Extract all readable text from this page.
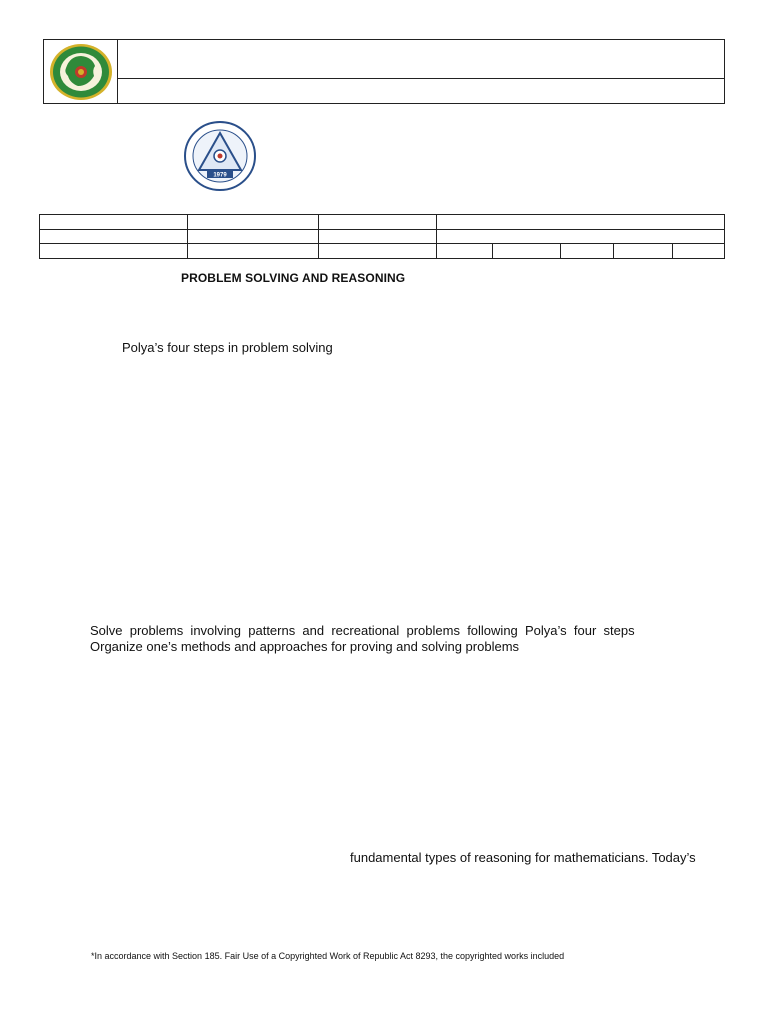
1979
PROBLEM SOLVING AND REASONING
Polya’s four steps in problem solving
Solve  problems  involving  patterns  and  recreational  problems  following  Polya’s  four  steps
Organize one’s methods and approaches for proving and solving problems
fundamental types of reasoning for mathematicians. Today’s
*In accordance with Section 185. Fair Use of a Copyrighted Work of Republic Act 8293, the copyrighted works included
